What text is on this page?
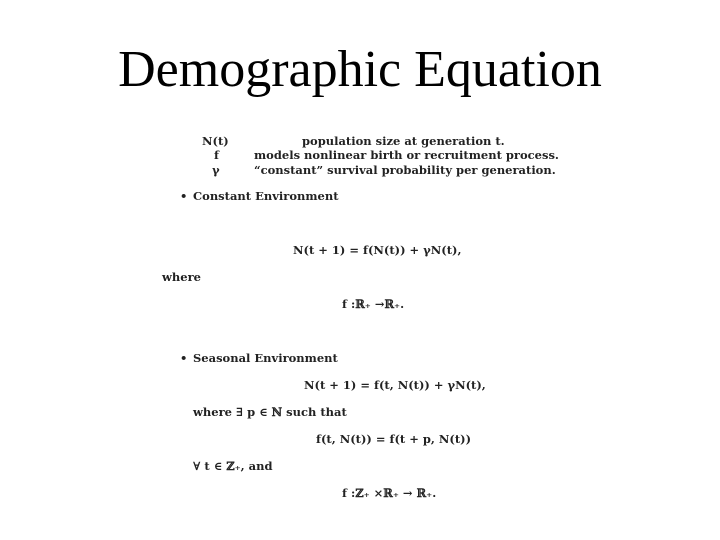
Demographic Equation
N(t)	population size at generation t.
f	models nonlinear birth or recruitment process.
γ	“constant” survival probability per generation.
• Constant Environment
N(t + 1) = f(N(t)) + γN(t),
where
f :ℝ₊ →ℝ₊.
• Seasonal Environment
N(t + 1) = f(t, N(t)) + γN(t),
where ∃ p ∈ ℕ such that
f(t, N(t)) = f(t + p, N(t))
∀ t ∈ ℤ₊, and
f :ℤ₊ ×ℝ₊ → ℝ₊.
